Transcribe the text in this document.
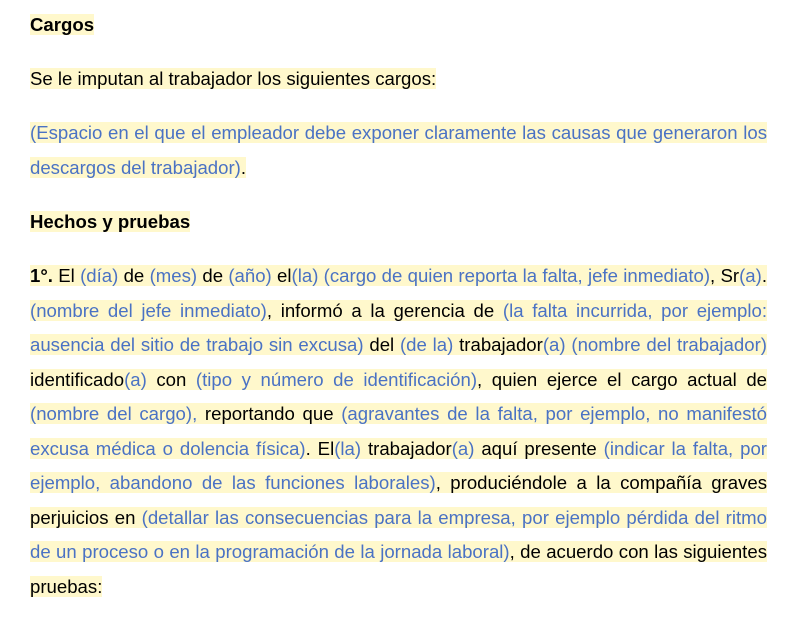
Cargos

Se le imputan al trabajador los siguientes cargos:

(Espacio en el que el empleador debe exponer claramente las causas que generaron los descargos del trabajador).

Hechos y pruebas

1°. El (día) de (mes) de (año) el(la) (cargo de quien reporta la falta, jefe inmediato), Sr(a). (nombre del jefe inmediato), informó a la gerencia de (la falta incurrida, por ejemplo: ausencia del sitio de trabajo sin excusa) del (de la) trabajador(a) (nombre del trabajador) identificado(a) con (tipo y número de identificación), quien ejerce el cargo actual de (nombre del cargo), reportando que (agravantes de la falta, por ejemplo, no manifestó excusa médica o dolencia física). El(la) trabajador(a) aquí presente (indicar la falta, por ejemplo, abandono de las funciones laborales), produciéndole a la compañía graves perjuicios en (detallar las consecuencias para la empresa, por ejemplo pérdida del ritmo de un proceso o en la programación de la jornada laboral), de acuerdo con las siguientes pruebas:
